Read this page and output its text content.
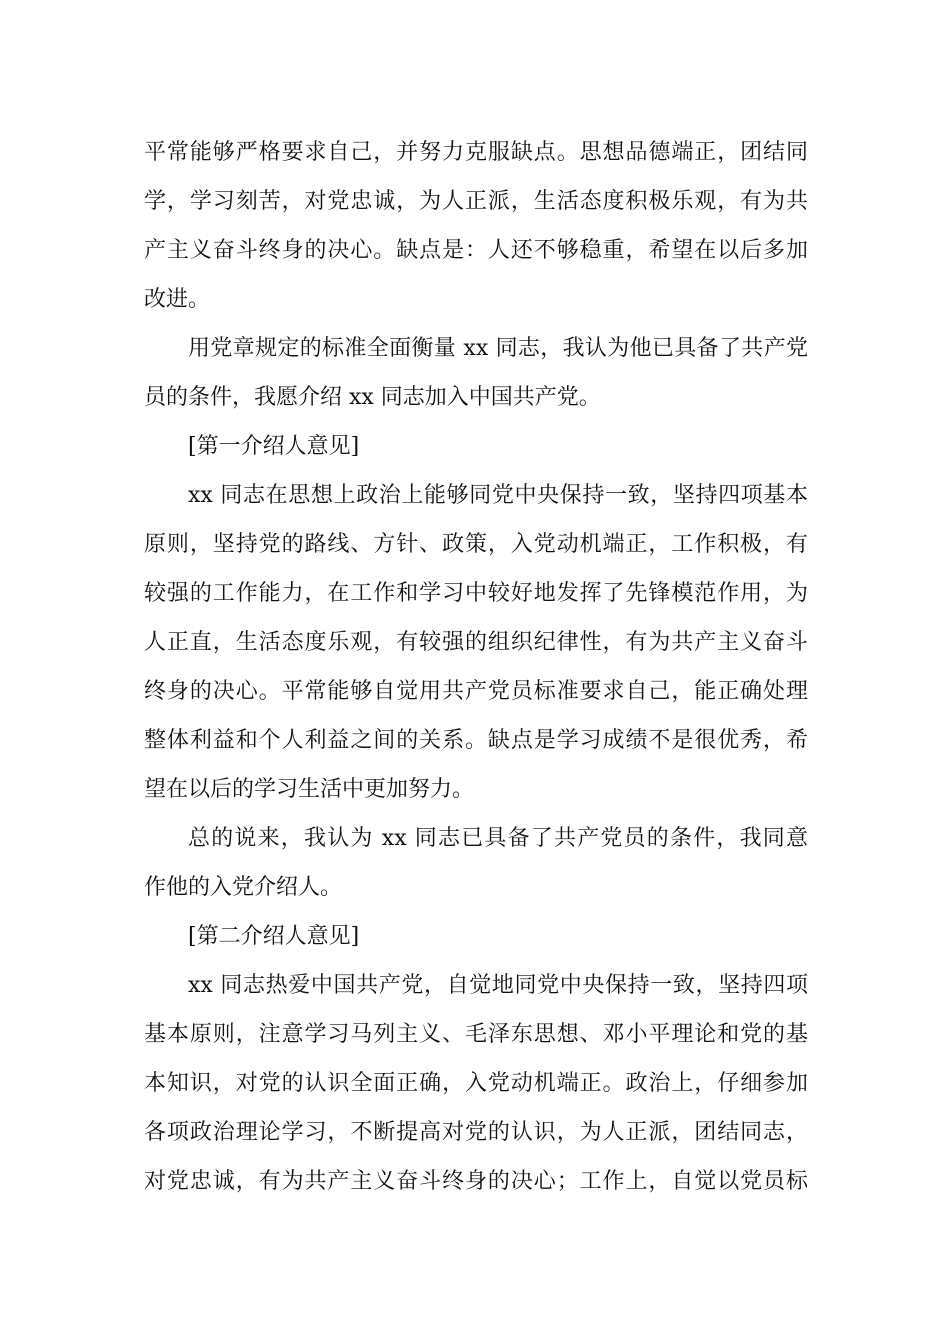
平常能够严格要求自己，并努力克服缺点。思想品德端正，团结同
学，学习刻苦，对党忠诚，为人正派，生活态度积极乐观，有为共
产主义奋斗终身的决心。缺点是：人还不够稳重，希望在以后多加
改进。
用党章规定的标准全面衡量 xx 同志，我认为他已具备了共产党
员的条件，我愿介绍 xx 同志加入中国共产党。
[第一介绍人意见]
xx 同志在思想上政治上能够同党中央保持一致，坚持四项基本
原则，坚持党的路线、方针、政策，入党动机端正，工作积极，有
较强的工作能力，在工作和学习中较好地发挥了先锋模范作用，为
人正直，生活态度乐观，有较强的组织纪律性，有为共产主义奋斗
终身的决心。平常能够自觉用共产党员标准要求自己，能正确处理
整体利益和个人利益之间的关系。缺点是学习成绩不是很优秀，希
望在以后的学习生活中更加努力。
总的说来，我认为 xx 同志已具备了共产党员的条件，我同意
作他的入党介绍人。
[第二介绍人意见]
xx 同志热爱中国共产党，自觉地同党中央保持一致，坚持四项
基本原则，注意学习马列主义、毛泽东思想、邓小平理论和党的基
本知识，对党的认识全面正确，入党动机端正。政治上，仔细参加
各项政治理论学习，不断提高对党的认识，为人正派，团结同志，
对党忠诚，有为共产主义奋斗终身的决心；工作上，自觉以党员标
